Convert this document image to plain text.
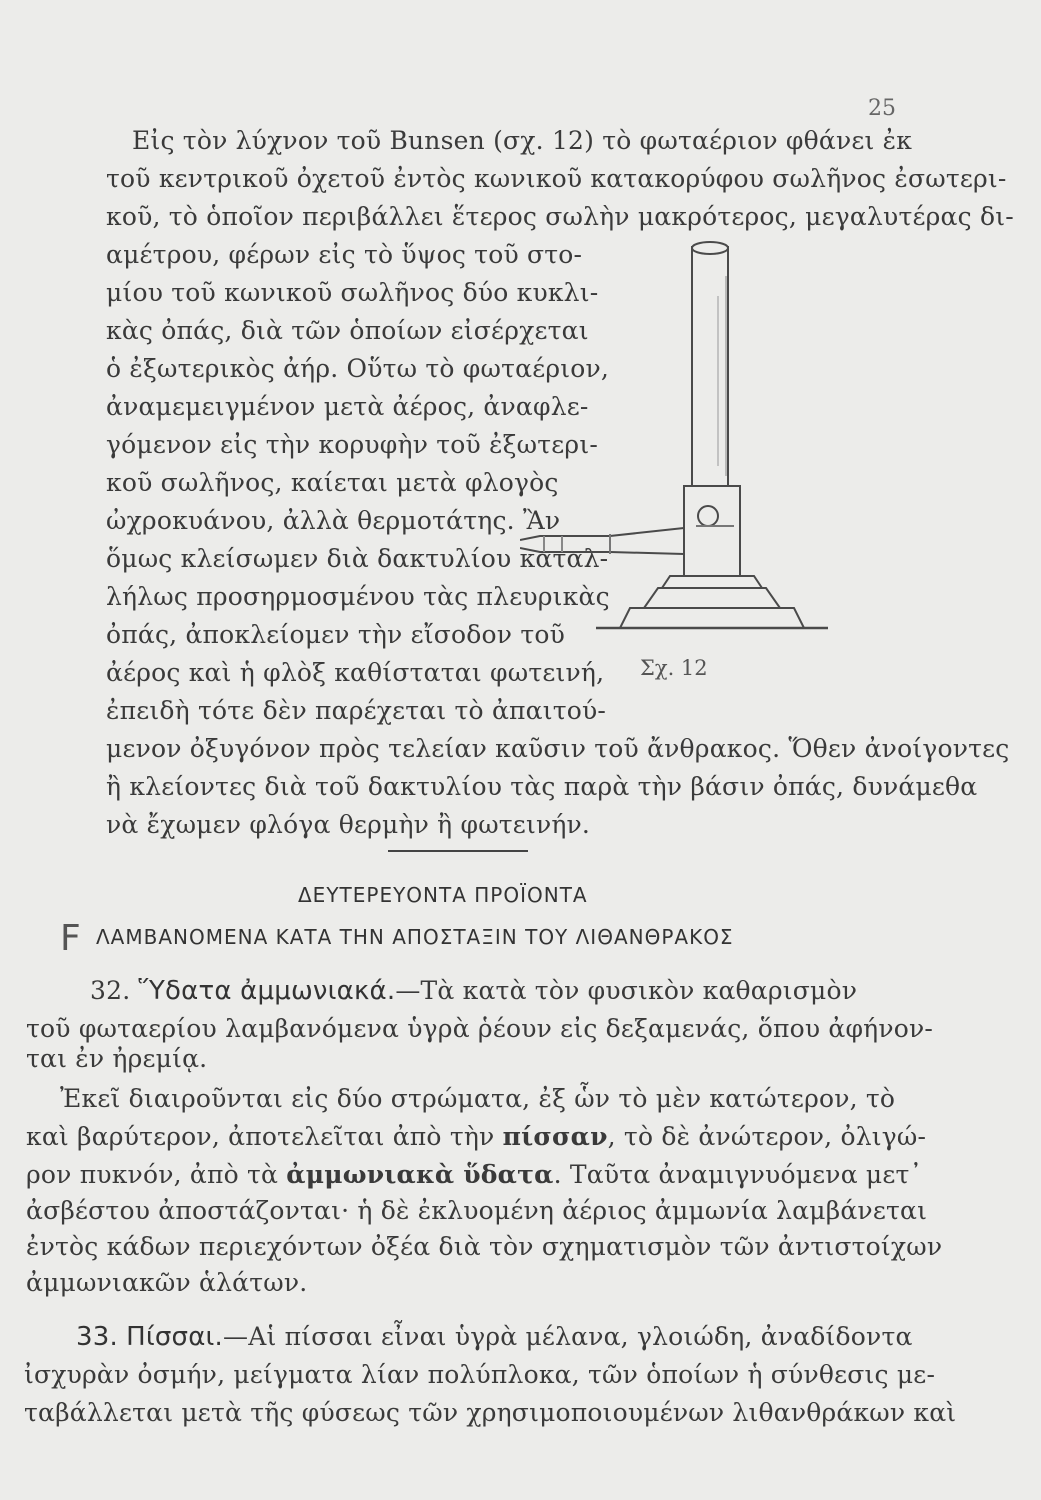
25
Εἰς τὸν λύχνον τοῦ Bunsen (σχ. 12) τὸ φωταέριον φθάνει ἐκ
τοῦ κεντρικοῦ ὀχετοῦ ἐντὸς κωνικοῦ κατακορύφου σωλῆνος ἐσωτερι-
κοῦ, τὸ ὁποῖον περιβάλλει ἕτερος σωλὴν μακρότερος, μεγαλυτέρας δι-
αμέτρου, φέρων εἰς τὸ ὕψος τοῦ στο-
μίου τοῦ κωνικοῦ σωλῆνος δύο κυκλι-
κὰς ὀπάς, διὰ τῶν ὁποίων εἰσέρχεται
ὁ ἐξωτερικὸς ἀήρ. Οὕτω τὸ φωταέριον,
ἀναμεμειγμένον μετὰ ἀέρος, ἀναφλε-
γόμενον εἰς τὴν κορυφὴν τοῦ ἐξωτερι-
κοῦ σωλῆνος, καίεται μετὰ φλογὸς
ὠχροκυάνου, ἀλλὰ θερμοτάτης. Ἂν
ὅμως κλείσωμεν διὰ δακτυλίου καταλ-
λήλως προσηρμοσμένου τὰς πλευρικὰς
ὀπάς, ἀποκλείομεν τὴν εἴσοδον τοῦ
ἀέρος καὶ ἡ φλὸξ καθίσταται φωτεινή,
ἐπειδὴ τότε δὲν παρέχεται τὸ ἀπαιτού-
μενον ὀξυγόνον πρὸς τελείαν καῦσιν τοῦ ἄνθρακος. Ὅθεν ἀνοίγοντες
ἢ κλείοντες διὰ τοῦ δακτυλίου τὰς παρὰ τὴν βάσιν ὀπάς, δυνάμεθα
νὰ ἔχωμεν φλόγα θερμὴν ἢ φωτεινήν.
Σχ. 12
ΔΕΥΤΕΡΕΥΟΝΤΑ ΠΡΟΪΟΝΤΑ
F ΛΑΜΒΑΝΟΜΕΝΑ ΚΑΤΑ ΤΗΝ ΑΠΟΣΤΑΞΙΝ ΤΟΥ ΛΙΘΑΝΘΡΑΚΟΣ
32. Ὕδατα ἀμμωνιακά.—Τὰ κατὰ τὸν φυσικὸν καθαρισμὸν
τοῦ φωταερίου λαμβανόμενα ὑγρὰ ῥέουν εἰς δεξαμενάς, ὅπου ἀφήνον-
ται ἐν ἠρεμίᾳ.
Ἐκεῖ διαιροῦνται εἰς δύο στρώματα, ἐξ ὧν τὸ μὲν κατώτερον, τὸ
καὶ βαρύτερον, ἀποτελεῖται ἀπὸ τὴν πίσσαν, τὸ δὲ ἀνώτερον, ὀλιγώ-
ρον πυκνόν, ἀπὸ τὰ ἀμμωνιακὰ ὕδατα. Ταῦτα ἀναμιγνυόμενα μετ᾽
ἀσβέστου ἀποστάζονται· ἡ δὲ ἐκλυομένη ἀέριος ἀμμωνία λαμβάνεται
ἐντὸς κάδων περιεχόντων ὀξέα διὰ τὸν σχηματισμὸν τῶν ἀντιστοίχων
ἀμμωνιακῶν ἁλάτων.
33. Πίσσαι.—Αἱ πίσσαι εἶναι ὑγρὰ μέλανα, γλοιώδη, ἀναδίδοντα
ἰσχυρὰν ὀσμήν, μείγματα λίαν πολύπλοκα, τῶν ὁποίων ἡ σύνθεσις με-
ταβάλλεται μετὰ τῆς φύσεως τῶν χρησιμοποιουμένων λιθανθράκων καὶ
